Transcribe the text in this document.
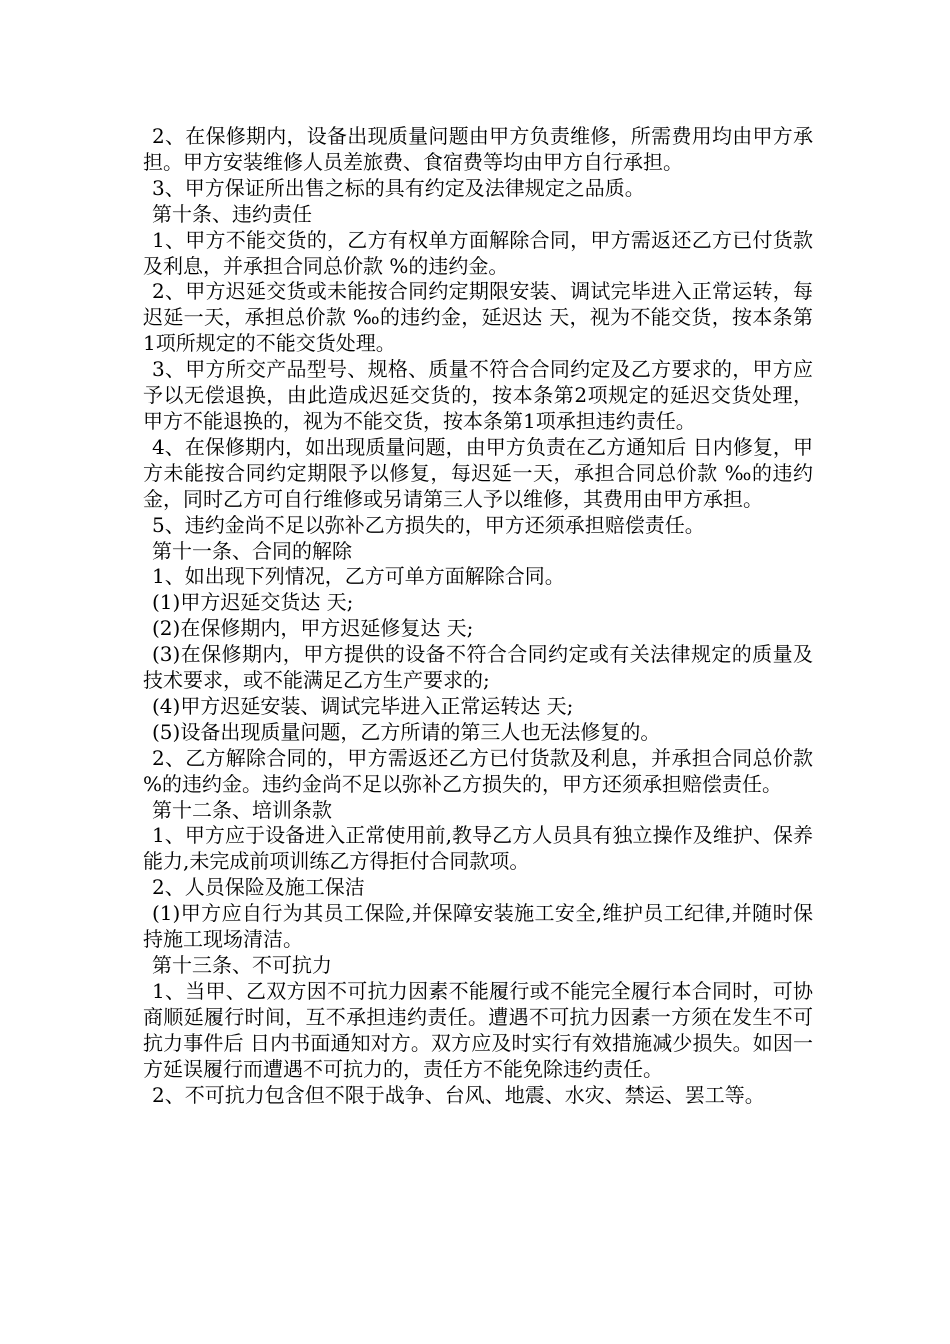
2、在保修期内，设备出现质量问题由甲方负责维修，所需费用均由甲方承担。甲方安装维修人员差旅费、食宿费等均由甲方自行承担。

3、甲方保证所出售之标的具有约定及法律规定之品质。

第十条、违约责任

1、甲方不能交货的，乙方有权单方面解除合同，甲方需返还乙方已付货款及利息，并承担合同总价款 %的违约金。

2、甲方迟延交货或未能按合同约定期限安装、调试完毕进入正常运转，每迟延一天，承担总价款 ‰的违约金，延迟达 天，视为不能交货，按本条第1项所规定的不能交货处理。

3、甲方所交产品型号、规格、质量不符合合同约定及乙方要求的，甲方应予以无偿退换，由此造成迟延交货的，按本条第2项规定的延迟交货处理，甲方不能退换的，视为不能交货，按本条第1项承担违约责任。

4、在保修期内，如出现质量问题，由甲方负责在乙方通知后 日内修复，甲方未能按合同约定期限予以修复，每迟延一天，承担合同总价款 ‰的违约金，同时乙方可自行维修或另请第三人予以维修，其费用由甲方承担。

5、违约金尚不足以弥补乙方损失的，甲方还须承担赔偿责任。

第十一条、合同的解除

1、如出现下列情况，乙方可单方面解除合同。

(1)甲方迟延交货达 天;

(2)在保修期内，甲方迟延修复达 天;

(3)在保修期内，甲方提供的设备不符合合同约定或有关法律规定的质量及技术要求，或不能满足乙方生产要求的;

(4)甲方迟延安装、调试完毕进入正常运转达 天;

(5)设备出现质量问题，乙方所请的第三人也无法修复的。

2、乙方解除合同的，甲方需返还乙方已付货款及利息，并承担合同总价款 %的违约金。违约金尚不足以弥补乙方损失的，甲方还须承担赔偿责任。

第十二条、培训条款

1、甲方应于设备进入正常使用前,教导乙方人员具有独立操作及维护、保养能力,未完成前项训练乙方得拒付合同款项。

2、人员保险及施工保洁

(1)甲方应自行为其员工保险,并保障安装施工安全,维护员工纪律,并随时保持施工现场清洁。

第十三条、不可抗力

1、当甲、乙双方因不可抗力因素不能履行或不能完全履行本合同时，可协商顺延履行时间，互不承担违约责任。遭遇不可抗力因素一方须在发生不可抗力事件后 日内书面通知对方。双方应及时实行有效措施减少损失。如因一方延误履行而遭遇不可抗力的，责任方不能免除违约责任。

2、不可抗力包含但不限于战争、台风、地震、水灾、禁运、罢工等。
